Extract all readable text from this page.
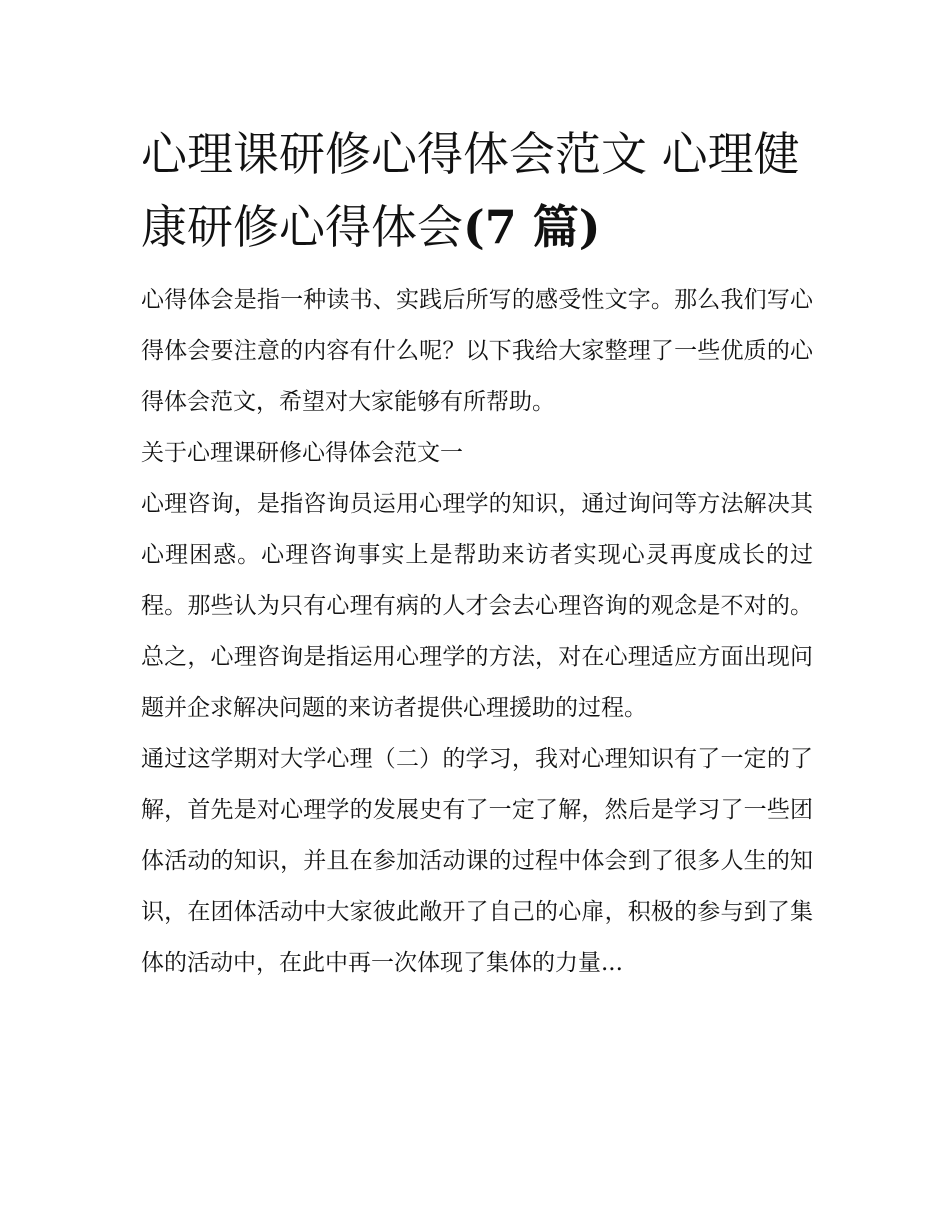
心理课研修心得体会范文 心理健康研修心得体会(7 篇)

心得体会是指一种读书、实践后所写的感受性文字。那么我们写心得体会要注意的内容有什么呢？以下我给大家整理了一些优质的心得体会范文，希望对大家能够有所帮助。

关于心理课研修心得体会范文一

心理咨询，是指咨询员运用心理学的知识，通过询问等方法解决其心理困惑。心理咨询事实上是帮助来访者实现心灵再度成长的过程。那些认为只有心理有病的人才会去心理咨询的观念是不对的。总之，心理咨询是指运用心理学的方法，对在心理适应方面出现问题并企求解决问题的来访者提供心理援助的过程。

通过这学期对大学心理（二）的学习，我对心理知识有了一定的了解，首先是对心理学的发展史有了一定了解，然后是学习了一些团体活动的知识，并且在参加活动课的过程中体会到了很多人生的知识，在团体活动中大家彼此敞开了自己的心扉，积极的参与到了集体的活动中，在此中再一次体现了集体的力量...
